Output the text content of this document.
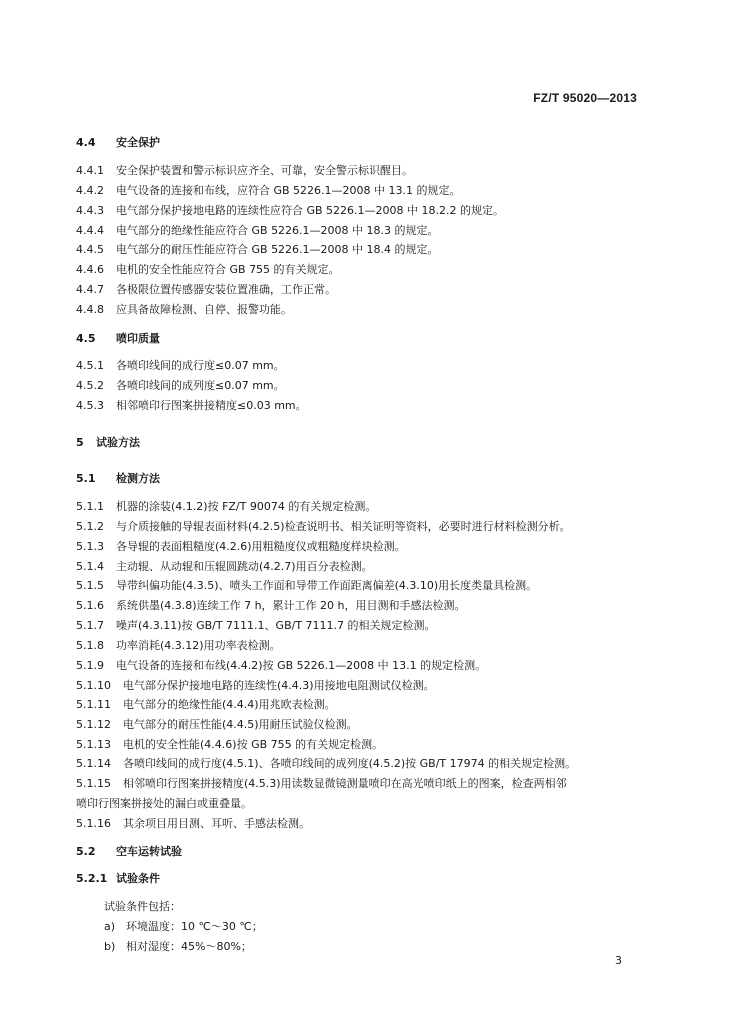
FZ/T 95020—2013
4.4 安全保护
4.4.1 安全保护装置和警示标识应齐全、可靠，安全警示标识醒目。
4.4.2 电气设备的连接和布线，应符合 GB 5226.1—2008 中 13.1 的规定。
4.4.3 电气部分保护接地电路的连续性应符合 GB 5226.1—2008 中 18.2.2 的规定。
4.4.4 电气部分的绝缘性能应符合 GB 5226.1—2008 中 18.3 的规定。
4.4.5 电气部分的耐压性能应符合 GB 5226.1—2008 中 18.4 的规定。
4.4.6 电机的安全性能应符合 GB 755 的有关规定。
4.4.7 各极限位置传感器安装位置准确，工作正常。
4.4.8 应具备故障检测、自停、报警功能。
4.5 喷印质量
4.5.1 各喷印线间的成行度≤0.07 mm。
4.5.2 各喷印线间的成列度≤0.07 mm。
4.5.3 相邻喷印行图案拼接精度≤0.03 mm。
5 试验方法
5.1 检测方法
5.1.1 机器的涂装(4.1.2)按 FZ/T 90074 的有关规定检测。
5.1.2 与介质接触的导辊表面材料(4.2.5)检查说明书、相关证明等资料，必要时进行材料检测分析。
5.1.3 各导辊的表面粗糙度(4.2.6)用粗糙度仪或粗糙度样块检测。
5.1.4 主动辊、从动辊和压辊圆跳动(4.2.7)用百分表检测。
5.1.5 导带纠偏功能(4.3.5)、喷头工作面和导带工作面距离偏差(4.3.10)用长度类量具检测。
5.1.6 系统供墨(4.3.8)连续工作 7 h，累计工作 20 h，用目测和手感法检测。
5.1.7 噪声(4.3.11)按 GB/T 7111.1、GB/T 7111.7 的相关规定检测。
5.1.8 功率消耗(4.3.12)用功率表检测。
5.1.9 电气设备的连接和布线(4.4.2)按 GB 5226.1—2008 中 13.1 的规定检测。
5.1.10 电气部分保护接地电路的连续性(4.4.3)用接地电阻测试仪检测。
5.1.11 电气部分的绝缘性能(4.4.4)用兆欧表检测。
5.1.12 电气部分的耐压性能(4.4.5)用耐压试验仪检测。
5.1.13 电机的安全性能(4.4.6)按 GB 755 的有关规定检测。
5.1.14 各喷印线间的成行度(4.5.1)、各喷印线间的成列度(4.5.2)按 GB/T 17974 的相关规定检测。
5.1.15 相邻喷印行图案拼接精度(4.5.3)用读数显微镜测量喷印在高光喷印纸上的图案，检查两相邻
喷印行图案拼接处的漏白或重叠量。
5.1.16 其余项目用目测、耳听、手感法检测。
5.2 空车运转试验
5.2.1 试验条件
试验条件包括：
a) 环境温度：10 ℃～30 ℃；
b) 相对湿度：45%～80%；
3
